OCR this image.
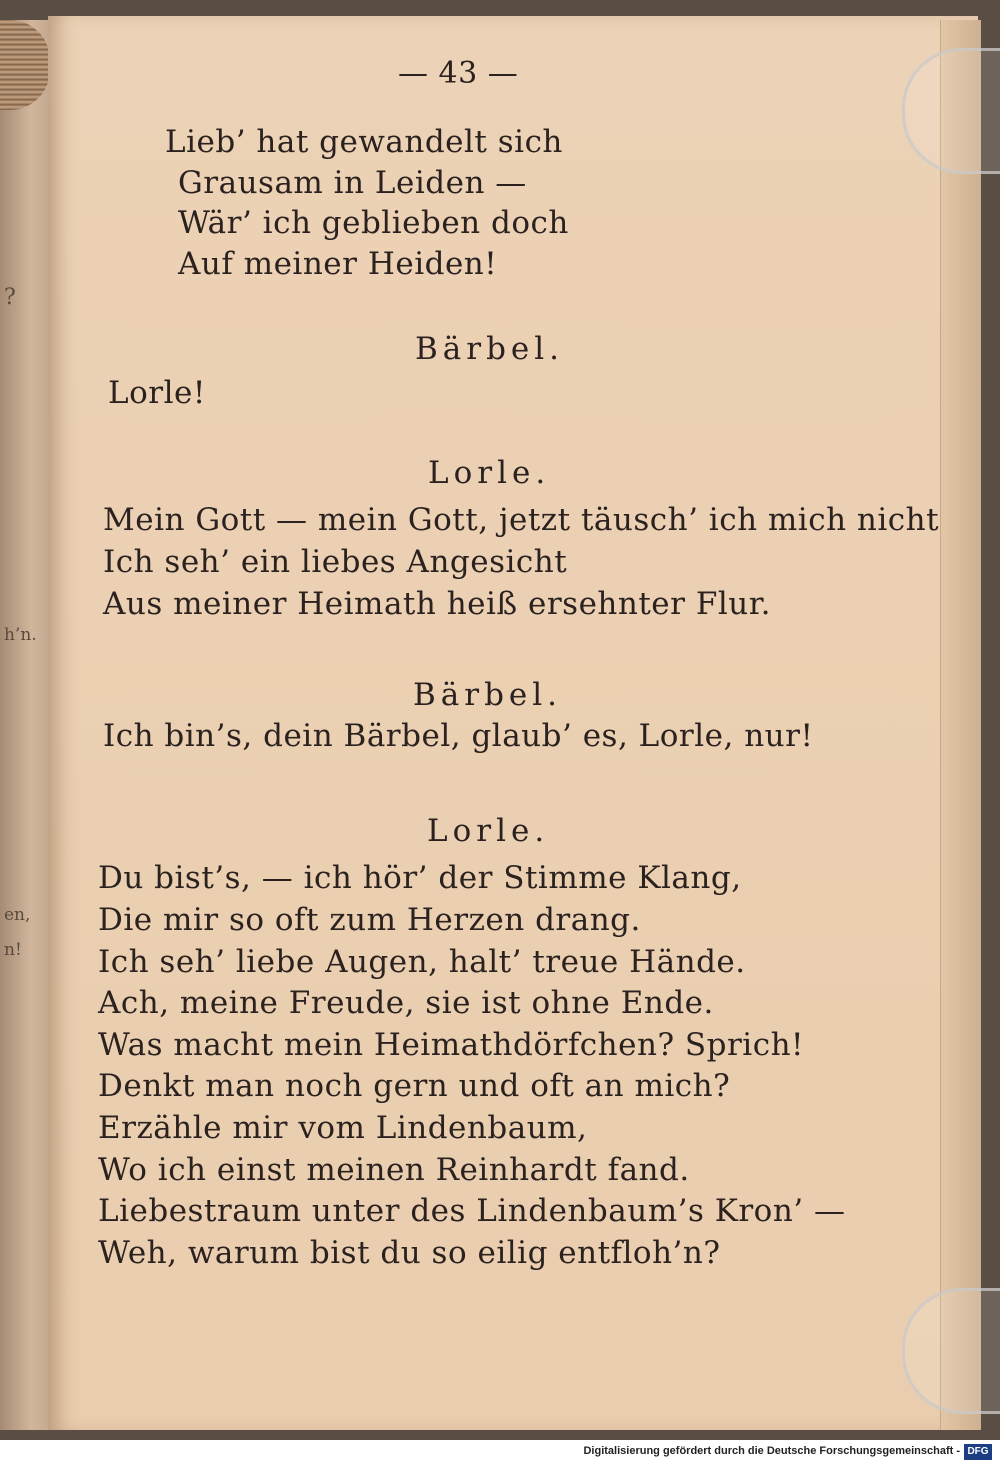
?
h’n.
en,
n!
— 43 —
Lieb’ hat gewandelt sich
Grausam in Leiden —
Wär’ ich geblieben doch
Auf meiner Heiden!
Bärbel.
Lorle!
Lorle.
Mein Gott — mein Gott, jetzt täusch’ ich mich nicht
Ich seh’ ein liebes Angesicht
Aus meiner Heimath heiß ersehnter Flur.
Bärbel.
Ich bin’s, dein Bärbel, glaub’ es, Lorle, nur!
Lorle.
Du bist’s, — ich hör’ der Stimme Klang,
Die mir so oft zum Herzen drang.
Ich seh’ liebe Augen, halt’ treue Hände.
Ach, meine Freude, sie ist ohne Ende.
Was macht mein Heimathdörfchen? Sprich!
Denkt man noch gern und oft an mich?
Erzähle mir vom Lindenbaum,
Wo ich einst meinen Reinhardt fand.
Liebestraum unter des Lindenbaum’s Kron’ —
Weh, warum bist du so eilig entfloh’n?
Digitalisierung gefördert durch die Deutsche Forschungsgemeinschaft - DFG
